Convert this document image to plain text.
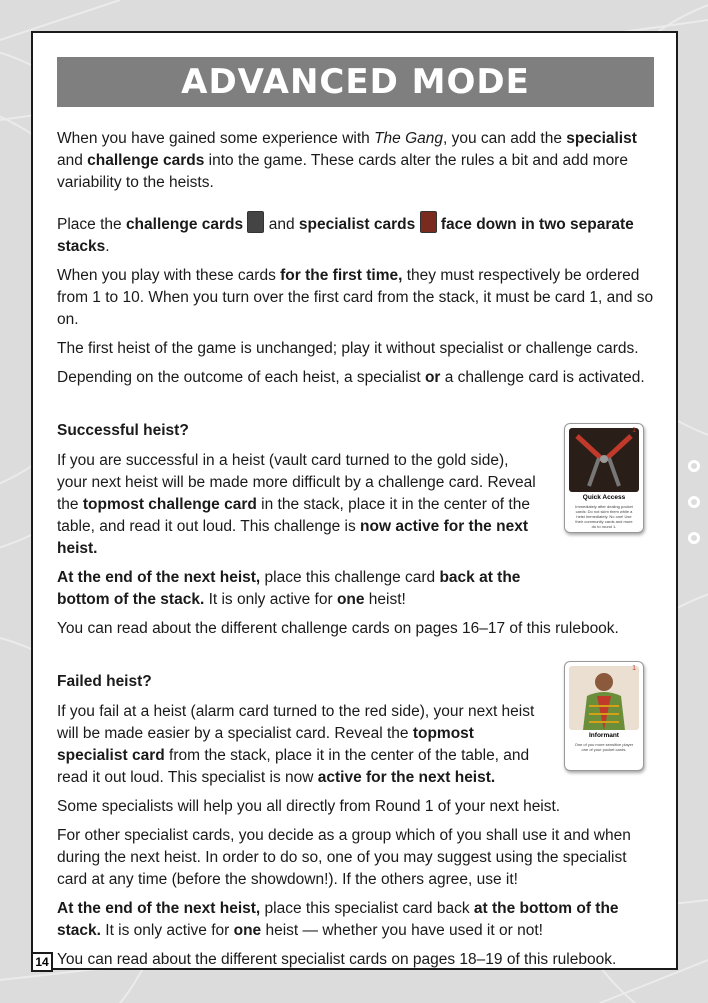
ADVANCED MODE

When you have gained some experience with The Gang, you can add the specialist and challenge cards into the game. These cards alter the rules a bit and add more variability to the heists.

Place the challenge cards  and specialist cards face down in two separate stacks.

When you play with these cards for the first time, they must respectively be ordered from 1 to 10. When you turn over the first card from the stack, it must be card 1, and so on.

The first heist of the game is unchanged; play it without specialist or challenge cards.

Depending on the outcome of each heist, a specialist or a challenge card is activated.

Successful heist?

If you are successful in a heist (vault card turned to the gold side), your next heist will be made more difficult by a challenge card. Reveal the topmost challenge card in the stack, place it in the center of the table, and read it out loud. This challenge is now active for the next heist.

At the end of the next heist, place this challenge card back at the bottom of the stack. It is only active for one heist!

You can read about the different challenge cards on pages 16–17 of this rulebook.

Failed heist?

If you fail at a heist (alarm card turned to the red side), your next heist will be made easier by a specialist card. Reveal the topmost specialist card from the stack, place it in the center of the table, and read it out loud. This specialist is now active for the next heist.

Some specialists will help you all directly from Round 1 of your next heist.

For other specialist cards, you decide as a group which of you shall use it and when during the next heist. In order to do so, one of you may suggest using the specialist card at any time (before the showdown!). If the others agree, use it!

At the end of the next heist, place this specialist card back at the bottom of the stack. It is only active for one heist — whether you have used it or not!

You can read about the different specialist cards on pages 18–19 of this rulebook.

1
Quick Access
Immediately after dealing pocket cards: Do not skim them while a heist Immediately. No one! Use their community cards and more do to round 1.
1
Informant
One of you more sensitive player one of your pocket cards.
14
